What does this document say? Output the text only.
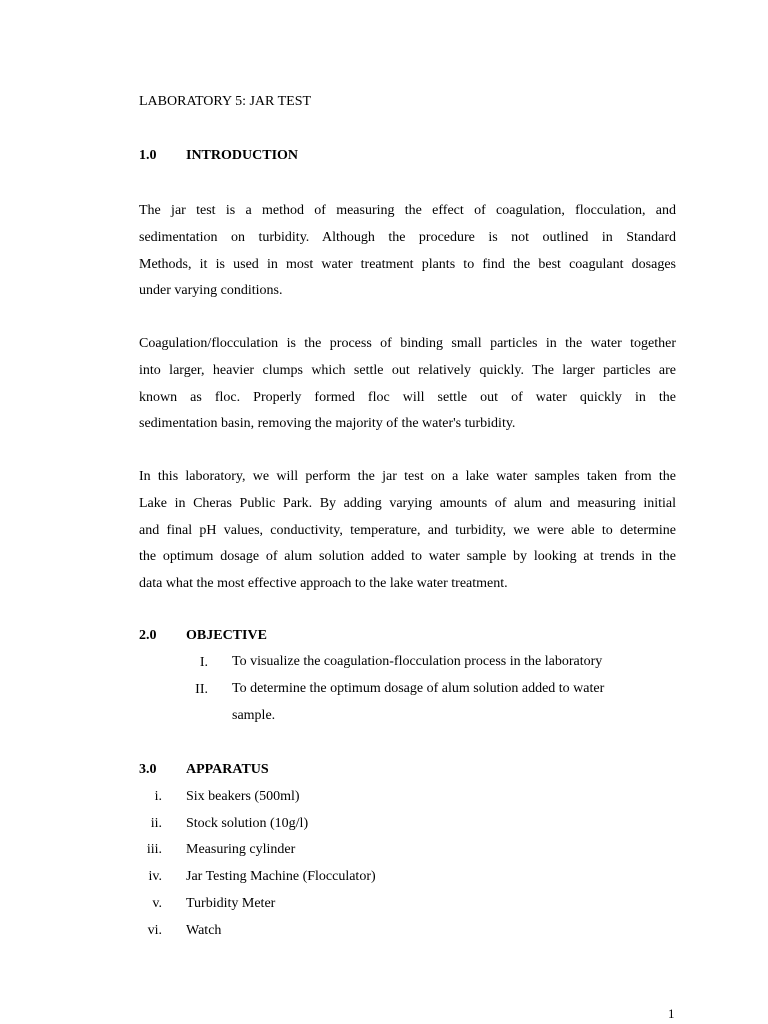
LABORATORY 5: JAR TEST
1.0 INTRODUCTION
The jar test is a method of measuring the effect of coagulation, flocculation, and
sedimentation on turbidity. Although the procedure is not outlined in Standard
Methods, it is used in most water treatment plants to find the best coagulant dosages
under varying conditions.
Coagulation/flocculation is the process of binding small particles in the water together
into larger, heavier clumps which settle out relatively quickly. The larger particles are
known as floc. Properly formed floc will settle out of water quickly in the
sedimentation basin, removing the majority of the water's turbidity.
In this laboratory, we will perform the jar test on a lake water samples taken from the
Lake in Cheras Public Park. By adding varying amounts of alum and measuring initial
and final pH values, conductivity, temperature, and turbidity, we were able to determine
the optimum dosage of alum solution added to water sample by looking at trends in the
data what the most effective approach to the lake water treatment.
2.0 OBJECTIVE
I. To visualize the coagulation-flocculation process in the laboratory
II. To determine the optimum dosage of alum solution added to water
sample.
3.0 APPARATUS
i. Six beakers (500ml)
ii. Stock solution (10g/l)
iii. Measuring cylinder
iv. Jar Testing Machine (Flocculator)
v. Turbidity Meter
vi. Watch
1
